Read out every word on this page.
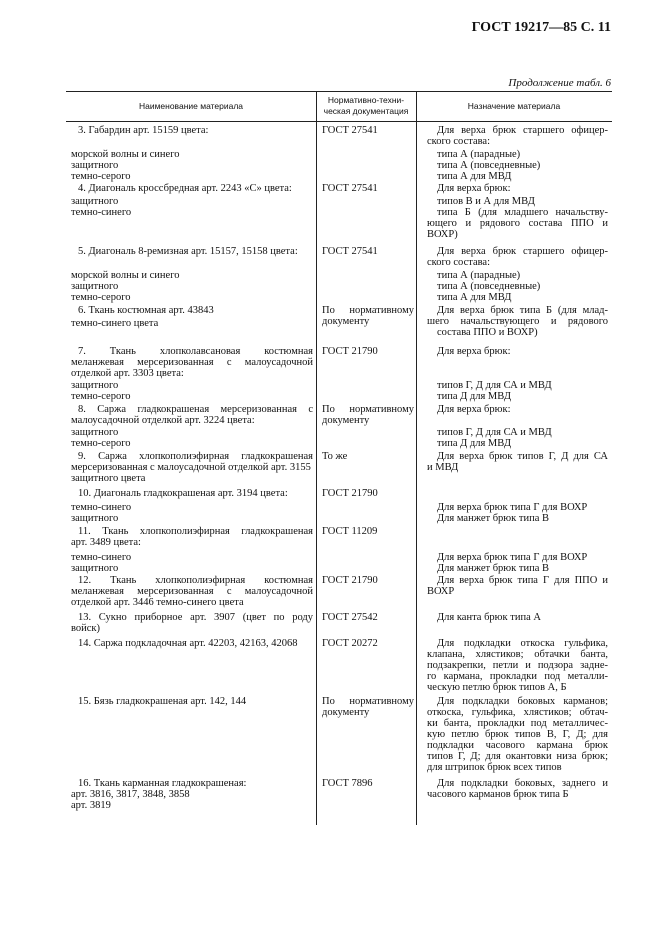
ГОСТ 19217—85 С. 11
Продолжение табл. 6
Наименование материала
Нормативно-техни-
ческая документация
Назначение материала
3. Габардин арт. 15159 цвета:
морской волны и синего
защитного
темно-серого
4. Диагональ кроссбредная арт. 2243 «С» цвета:
защитного
темно-синего
5. Диагональ 8-ремизная арт. 15157, 15158 цвета:
морской волны и синего
защитного
темно-серого
6. Ткань костюмная арт. 43843
темно-синего цвета
7. Ткань хлопколавсановая костюмная
меланжевая мерсеризованная с малоусадочной
отделкой арт. 3303 цвета:
защитного
темно-серого
8. Саржа гладкокрашеная мерсеризованная с
малоусадочной отделкой арт. 3224 цвета:
защитного
темно-серого
9. Саржа хлопкополиэфирная гладкокрашеная
мерсеризованная с малоусадочной отделкой арт. 3155
защитного цвета
10. Диагональ гладкокрашеная арт. 3194 цвета:
темно-синего
защитного
11. Ткань хлопкополиэфирная гладкокрашеная
арт. 3489 цвета:
темно-синего
защитного
12. Ткань хлопкополиэфирная костюмная
меланжевая мерсеризованная с малоусадочной
отделкой арт. 3446 темно-синего цвета
13. Сукно приборное арт. 3907 (цвет по роду
войск)
14. Саржа подкладочная арт. 42203, 42163, 42068
15. Бязь гладкокрашеная арт. 142, 144
16. Ткань карманная гладкокрашеная:
арт. 3816, 3817, 3848, 3858
арт. 3819
ГОСТ 27541
ГОСТ 27541
ГОСТ 27541
По нормативному
документу
ГОСТ 21790
По нормативному
документу
То же
ГОСТ 21790
ГОСТ 11209
ГОСТ 21790
ГОСТ 27542
ГОСТ 20272
По нормативному
документу
ГОСТ 7896
Для верха брюк старшего офицер-
ского состава:
типа А (парадные)
типа А (повседневные)
типа А для МВД
Для верха брюк:
типов В и А для МВД
типа Б (для младшего начальству-
ющего и рядового состава ППО и
ВОХР)
Для верха брюк старшего офицер-
ского состава:
типа А (парадные)
типа А (повседневные)
типа А для МВД
Для верха брюк типа Б (для млад-
шего начальствующего и рядового
состава ППО и ВОХР)
Для верха брюк:
типов Г, Д для СА и МВД
типа Д для МВД
Для верха брюк:
типов Г, Д для СА и МВД
типа Д для МВД
Для верха брюк типов Г, Д для СА
и МВД
Для верха брюк типа Г для ВОХР
Для манжет брюк типа В
Для верха брюк типа Г для ВОХР
Для манжет брюк типа В
Для верха брюк типа Г для ППО и
ВОХР
Для канта брюк типа А
Для подкладки откоска гульфика,
клапана, хлястиков; обтачки банта,
подзакрепки, петли и подзора задне-
го кармана, прокладки под металли-
ческую петлю брюк типов А, Б
Для подкладки боковых карманов;
откоска, гульфика, хлястиков; обтач-
ки банта, прокладки под металличес-
кую петлю брюк типов В, Г, Д; для
подкладки часового кармана брюк
типов Г, Д; для окантовки низа брюк;
для штрипок брюк всех типов
Для подкладки боковых, заднего и
часового карманов брюк типа Б
